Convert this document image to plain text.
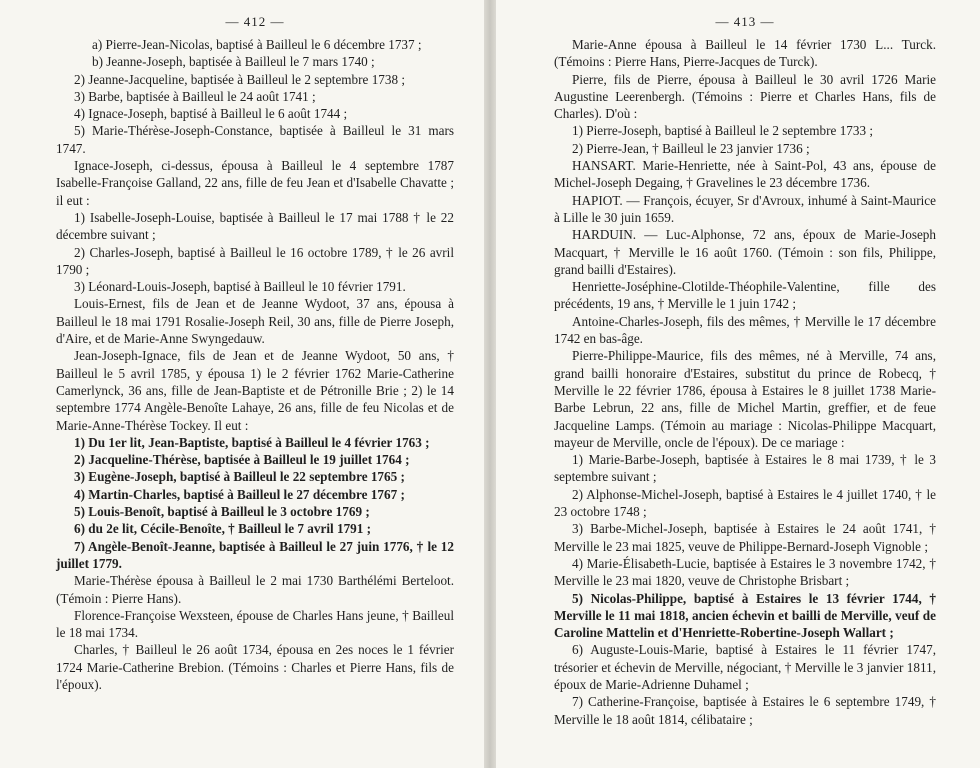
— 412 —

a) Pierre-Jean-Nicolas, baptisé à Bailleul le 6 décembre 1737 ;

b) Jeanne-Joseph, baptisée à Bailleul le 7 mars 1740 ;

2) Jeanne-Jacqueline, baptisée à Bailleul le 2 septembre 1738 ;

3) Barbe, baptisée à Bailleul le 24 août 1741 ;

4) Ignace-Joseph, baptisé à Bailleul le 6 août 1744 ;

5) Marie-Thérèse-Joseph-Constance, baptisée à Bailleul le 31 mars 1747.

Ignace-Joseph, ci-dessus, épousa à Bailleul le 4 septembre 1787 Isabelle-Françoise Galland, 22 ans, fille de feu Jean et d'Isabelle Chavatte ; il eut :

1) Isabelle-Joseph-Louise, baptisée à Bailleul le 17 mai 1788 † le 22 décembre suivant ;

2) Charles-Joseph, baptisé à Bailleul le 16 octobre 1789, † le 26 avril 1790 ;

3) Léonard-Louis-Joseph, baptisé à Bailleul le 10 février 1791.

Louis-Ernest, fils de Jean et de Jeanne Wydoot, 37 ans, épousa à Bailleul le 18 mai 1791 Rosalie-Joseph Reil, 30 ans, fille de Pierre Joseph, d'Aire, et de Marie-Anne Swyngedauw.

Jean-Joseph-Ignace, fils de Jean et de Jeanne Wydoot, 50 ans, † Bailleul le 5 avril 1785, y épousa 1) le 2 février 1762 Marie-Catherine Camerlynck, 36 ans, fille de Jean-Baptiste et de Pétronille Brie ; 2) le 14 septembre 1774 Angèle-Benoîte Lahaye, 26 ans, fille de feu Nicolas et de Marie-Anne-Thérèse Tockey. Il eut :

1) Du 1er lit, Jean-Baptiste, baptisé à Bailleul le 4 février 1763 ;

2) Jacqueline-Thérèse, baptisée à Bailleul le 19 juillet 1764 ;

3) Eugène-Joseph, baptisé à Bailleul le 22 septembre 1765 ;

4) Martin-Charles, baptisé à Bailleul le 27 décembre 1767 ;

5) Louis-Benoît, baptisé à Bailleul le 3 octobre 1769 ;

6) du 2e lit, Cécile-Benoîte, † Bailleul le 7 avril 1791 ;

7) Angèle-Benoît-Jeanne, baptisée à Bailleul le 27 juin 1776, † le 12 juillet 1779.

Marie-Thérèse épousa à Bailleul le 2 mai 1730 Barthélémi Berteloot. (Témoin : Pierre Hans).

Florence-Françoise Wexsteen, épouse de Charles Hans jeune, † Bailleul le 18 mai 1734.

Charles, † Bailleul le 26 août 1734, épousa en 2es noces le 1 février 1724 Marie-Catherine Brebion. (Témoins : Charles et Pierre Hans, fils de l'époux).

— 413 —

Marie-Anne épousa à Bailleul le 14 février 1730 L... Turck. (Témoins : Pierre Hans, Pierre-Jacques de Turck).

Pierre, fils de Pierre, épousa à Bailleul le 30 avril 1726 Marie Augustine Leerenbergh. (Témoins : Pierre et Charles Hans, fils de Charles). D'où :

1) Pierre-Joseph, baptisé à Bailleul le 2 septembre 1733 ;

2) Pierre-Jean, † Bailleul le 23 janvier 1736 ;

HANSART. Marie-Henriette, née à Saint-Pol, 43 ans, épouse de Michel-Joseph Degaing, † Gravelines le 23 décembre 1736.

HAPIOT. — François, écuyer, Sr d'Avroux, inhumé à Saint-Maurice à Lille le 30 juin 1659.

HARDUIN. — Luc-Alphonse, 72 ans, époux de Marie-Joseph Macquart, † Merville le 16 août 1760. (Témoin : son fils, Philippe, grand bailli d'Estaires).

Henriette-Joséphine-Clotilde-Théophile-Valentine, fille des précédents, 19 ans, † Merville le 1 juin 1742 ;

Antoine-Charles-Joseph, fils des mêmes, † Merville le 17 décembre 1742 en bas-âge.

Pierre-Philippe-Maurice, fils des mêmes, né à Merville, 74 ans, grand bailli honoraire d'Estaires, substitut du prince de Robecq, † Merville le 22 février 1786, épousa à Estaires le 8 juillet 1738 Marie-Barbe Lebrun, 22 ans, fille de Michel Martin, greffier, et de feue Jacqueline Lamps. (Témoin au mariage : Nicolas-Philippe Macquart, mayeur de Merville, oncle de l'époux). De ce mariage :

1) Marie-Barbe-Joseph, baptisée à Estaires le 8 mai 1739, † le 3 septembre suivant ;

2) Alphonse-Michel-Joseph, baptisé à Estaires le 4 juillet 1740, † le 23 octobre 1748 ;

3) Barbe-Michel-Joseph, baptisée à Estaires le 24 août 1741, † Merville le 23 mai 1825, veuve de Philippe-Bernard-Joseph Vignoble ;

4) Marie-Élisabeth-Lucie, baptisée à Estaires le 3 novembre 1742, † Merville le 23 mai 1820, veuve de Christophe Brisbart ;

5) Nicolas-Philippe, baptisé à Estaires le 13 février 1744, † Merville le 11 mai 1818, ancien échevin et bailli de Merville, veuf de Caroline Mattelin et d'Henriette-Robertine-Joseph Wallart ;

6) Auguste-Louis-Marie, baptisé à Estaires le 11 février 1747, trésorier et échevin de Merville, négociant, † Merville le 3 janvier 1811, époux de Marie-Adrienne Duhamel ;

7) Catherine-Françoise, baptisée à Estaires le 6 septembre 1749, † Merville le 18 août 1814, célibataire ;
